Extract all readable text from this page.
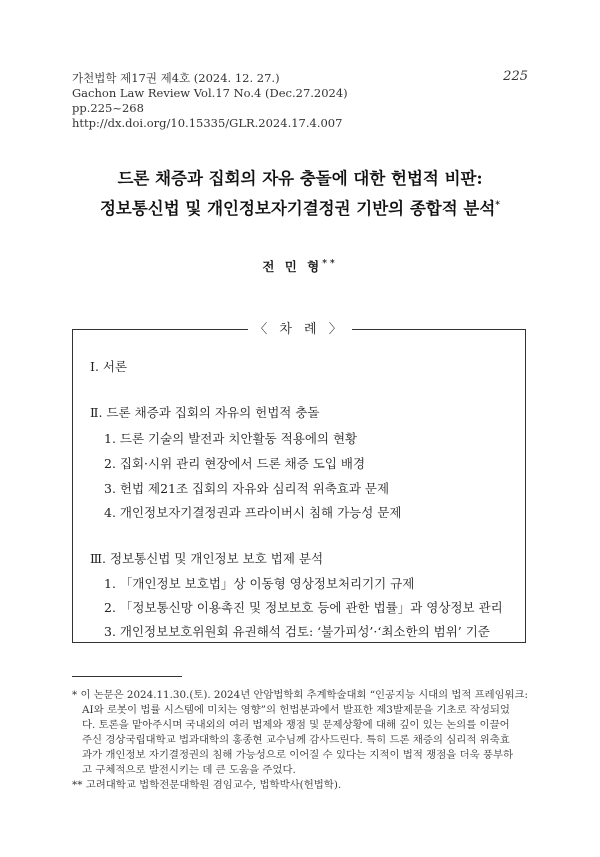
가천법학 제17권 제4호 (2024. 12. 27.)
Gachon Law Review Vol.17 No.4 (Dec.27.2024)
pp.225~268
http://dx.doi.org/10.15335/GLR.2024.17.4.007
225
드론 채증과 집회의 자유 충돌에 대한 헌법적 비판:
정보통신법 및 개인정보자기결정권 기반의 종합적 분석*
전 민 형**
〈 차 례 〉
I. 서론
Ⅱ. 드론 채증과 집회의 자유의 헌법적 충돌
1. 드론 기술의 발전과 치안활동 적용에의 현황
2. 집회·시위 관리 현장에서 드론 채증 도입 배경
3. 헌법 제21조 집회의 자유와 심리적 위축효과 문제
4. 개인정보자기결정권과 프라이버시 침해 가능성 문제
Ⅲ. 정보통신법 및 개인정보 보호 법제 분석
1. 「개인정보 보호법」상 이동형 영상정보처리기기 규제
2. 「정보통신망 이용촉진 및 정보보호 등에 관한 법률」과 영상정보 관리
3. 개인정보보호위원회 유권해석 검토: ‘불가피성’·‘최소한의 범위’ 기준
* 이 논문은 2024.11.30.(토). 2024년 안암법학회 추계학술대회 “인공지능 시대의 법적 프레임워크:
AI와 로봇이 법률 시스템에 미치는 영향”의 헌법분과에서 발표한 제3발제문을 기초로 작성되었
다. 토론을 맡아주시며 국내외의 여러 법제와 쟁점 및 문제상황에 대해 깊이 있는 논의를 이끌어
주신 경상국립대학교 법과대학의 홍종현 교수님께 감사드린다. 특히 드론 채증의 심리적 위축효
과가 개인정보 자기결정권의 침해 가능성으로 이어질 수 있다는 지적이 법적 쟁점을 더욱 풍부하
고 구체적으로 발전시키는 데 큰 도움을 주었다.
** 고려대학교 법학전문대학원 겸임교수, 법학박사(헌법학).
